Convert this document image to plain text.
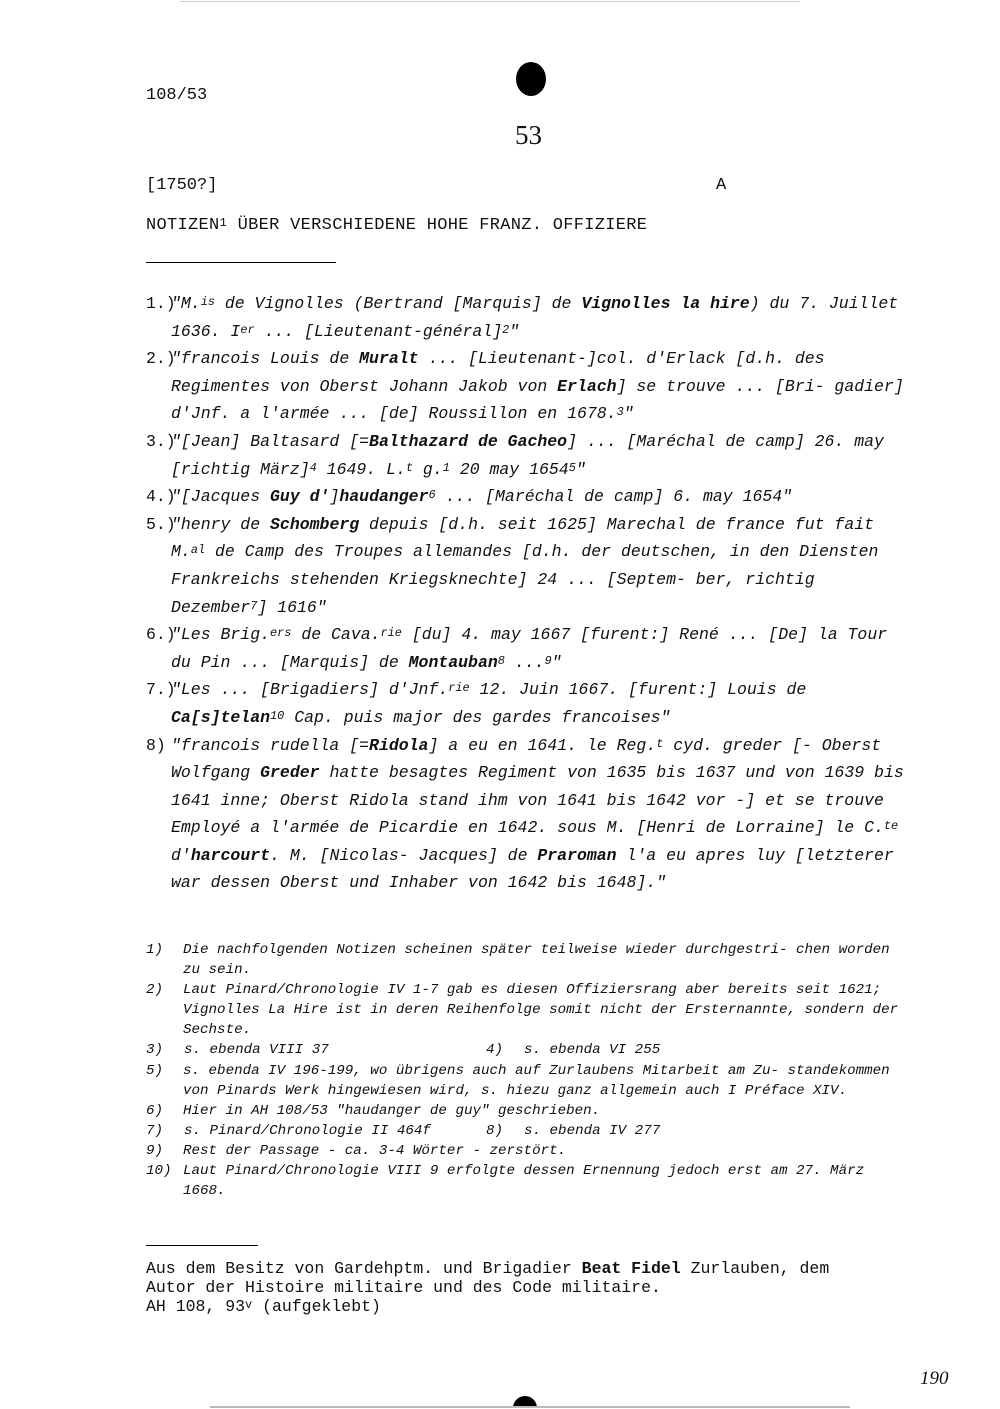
108/53
53
[1750?]	A
NOTIZEN$^1$ ÜBER VERSCHIEDENE HOHE FRANZ. OFFIZIERE

1.)
"M.$^{is}$ de Vignolles (Bertrand [Marquis] de Vignolles la hire) du 7. Juillet 1636. Ier ... [Lieutenant-général]$^2$"

2.)
"francois Louis de Muralt ... [Lieutenant-]col. d'Erlack [d.h. des Regimentes von Oberst Johann Jakob von Erlach] se trouve ... [Bri- gadier] d'Jnf. a l'armée ... [de] Roussillon en 1678.$^3$"

3.)
"[Jean] Baltasard [=Balthazard de Gacheo] ... [Maréchal de camp] 26. may [richtig März]$^4$ 1649. L.$^t$ g.$^1$ 20 may 1654$^5$"

4.)
"[Jacques Guy d']haudanger$^6$ ... [Maréchal de camp] 6. may 1654"

5.)
"henry de Schomberg depuis [d.h. seit 1625] Marechal de france fut fait M.$^{al}$ de Camp des Troupes allemandes [d.h. der deutschen, in den Diensten Frankreichs stehenden Kriegsknechte] 24 ... [Septem- ber, richtig Dezember$^7$] 1616"

6.)
"Les Brig.$^{ers}$ de Cava.$^{rie}$ [du] 4. may 1667 [furent:] René ... [De] la Tour du Pin ... [Marquis] de Montauban$^8$ ...$^9$"

7.)
"Les ... [Brigadiers] d'Jnf.$^{rie}$ 12. Juin 1667. [furent:] Louis de Ca[s]telan$^{10}$ Cap. puis major des gardes francoises"

8) "francois rudella [=Ridola] a eu en 1641. le Reg.$^t$ cyd. greder [- Oberst Wolfgang Greder hatte besagtes Regiment von 1635 bis 1637 und von 1639 bis 1641 inne; Oberst Ridola stand ihm von 1641 bis 1642 vor -] et se trouve Employé a l'armée de Picardie en 1642. sous M. [Henri de Lorraine] le C.$^{te}$ d'harcourt. M. [Nicolas- Jacques] de Praroman l'a eu apres luy [letzterer war dessen Oberst und Inhaber von 1642 bis 1648]."

1) Die nachfolgenden Notizen scheinen später teilweise wieder durchgestri- chen worden zu sein.

2) Laut Pinard/Chronologie IV 1-7 gab es diesen Offiziersrang aber bereits seit 1621; Vignolles La Hire ist in deren Reihenfolge somit nicht der Ersternannte, sondern der Sechste.

3)	s. ebenda VIII 37	4)	s. ebenda VI 255

5) s. ebenda IV 196-199, wo übrigens auch auf Zurlaubens Mitarbeit am Zu- standekommen von Pinards Werk hingewiesen wird, s. hiezu ganz allgemein auch I Préface XIV.

6) Hier in AH 108/53 "haudanger de guy" geschrieben.

7)	s. Pinard/Chronologie II 464f	8)	s. ebenda IV 277

9) Rest der Passage - ca. 3-4 Wörter - zerstört.

10) Laut Pinard/Chronologie VIII 9 erfolgte dessen Ernennung jedoch erst am 27. März 1668.

Aus dem Besitz von Gardehptm. und Brigadier Beat Fidel Zurlauben, dem
Autor der Histoire militaire und des Code militaire.
AH 108, 93$^v$ (aufgeklebt)
190
